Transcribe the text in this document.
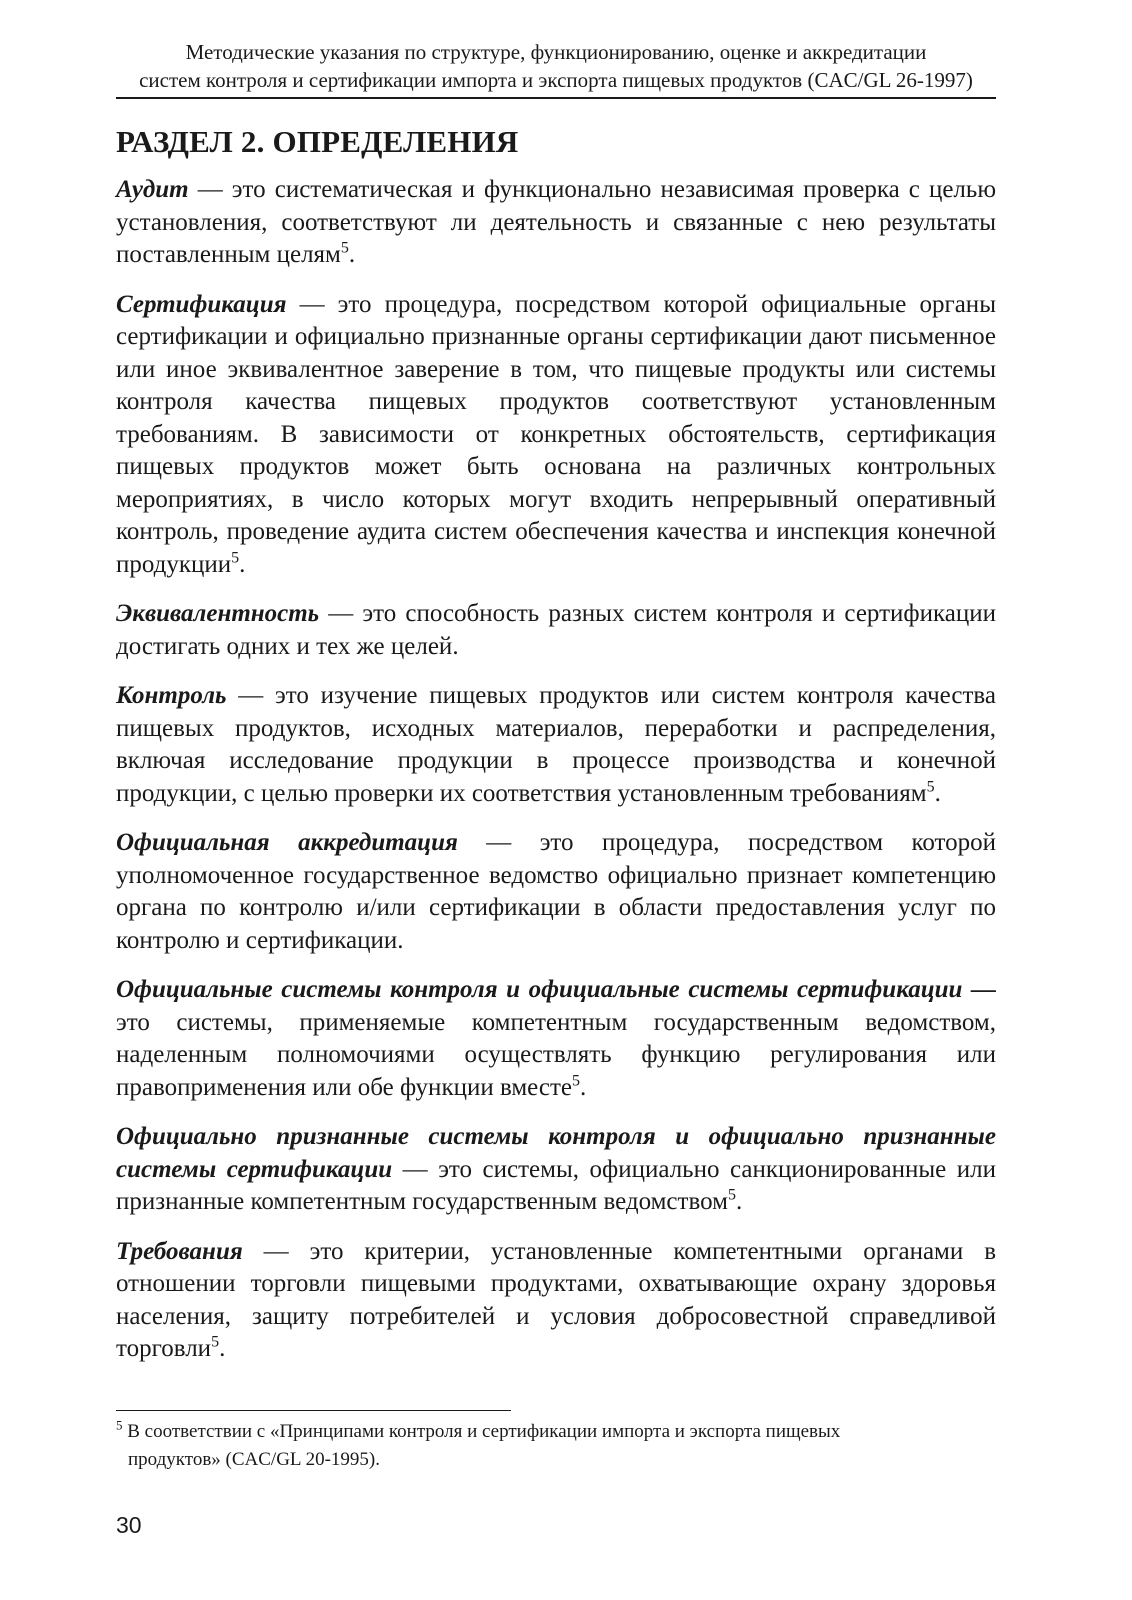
Методические указания по структуре, функционированию, оценке и аккредитации
систем контроля и сертификации импорта и экспорта пищевых продуктов (CAC/GL 26-1997)
РАЗДЕЛ 2. ОПРЕДЕЛЕНИЯ

Аудит — это систематическая и функционально независимая проверка с целью установления, соответствуют ли деятельность и связанные с нею результаты поставленным целям$^5$.

Сертификация — это процедура, посредством которой официальные органы сертификации и официально признанные органы сертификации дают письменное или иное эквивалентное заверение в том, что пищевые продукты или системы контроля качества пищевых продуктов соответствуют установленным требованиям. В зависимости от конкретных обстоятельств, сертификация пищевых продуктов может быть основана на различных контрольных мероприятиях, в число которых могут входить непрерывный оперативный контроль, проведение аудита систем обеспечения качества и инспекция конечной продукции$^5$.

Эквивалентность — это способность разных систем контроля и сертификации достигать одних и тех же целей.

Контроль — это изучение пищевых продуктов или систем контроля качества пищевых продуктов, исходных материалов, переработки и распределения, включая исследование продукции в процессе производства и конечной продукции, с целью проверки их соответствия установленным требованиям$^5$.

Официальная аккредитация — это процедура, посредством которой уполномоченное государственное ведомство официально признает компетенцию органа по контролю и/или сертификации в области предоставления услуг по контролю и сертификации.

Официальные системы контроля и официальные системы сертификации — это системы, применяемые компетентным государственным ведомством, наделенным полномочиями осуществлять функцию регулирования или правоприменения или обе функции вместе$^5$.

Официально признанные системы контроля и официально признанные системы сертификации — это системы, официально санкционированные или признанные компетентным государственным ведомством$^5$.

Требования — это критерии, установленные компетентными органами в отношении торговли пищевыми продуктами, охватывающие охрану здоровья населения, защиту потребителей и условия добросовестной справедливой торговли$^5$.

$^5$ В соответствии с «Принципами контроля и сертификации импорта и экспорта пищевых
продуктов» (CAC/GL 20-1995).
30
